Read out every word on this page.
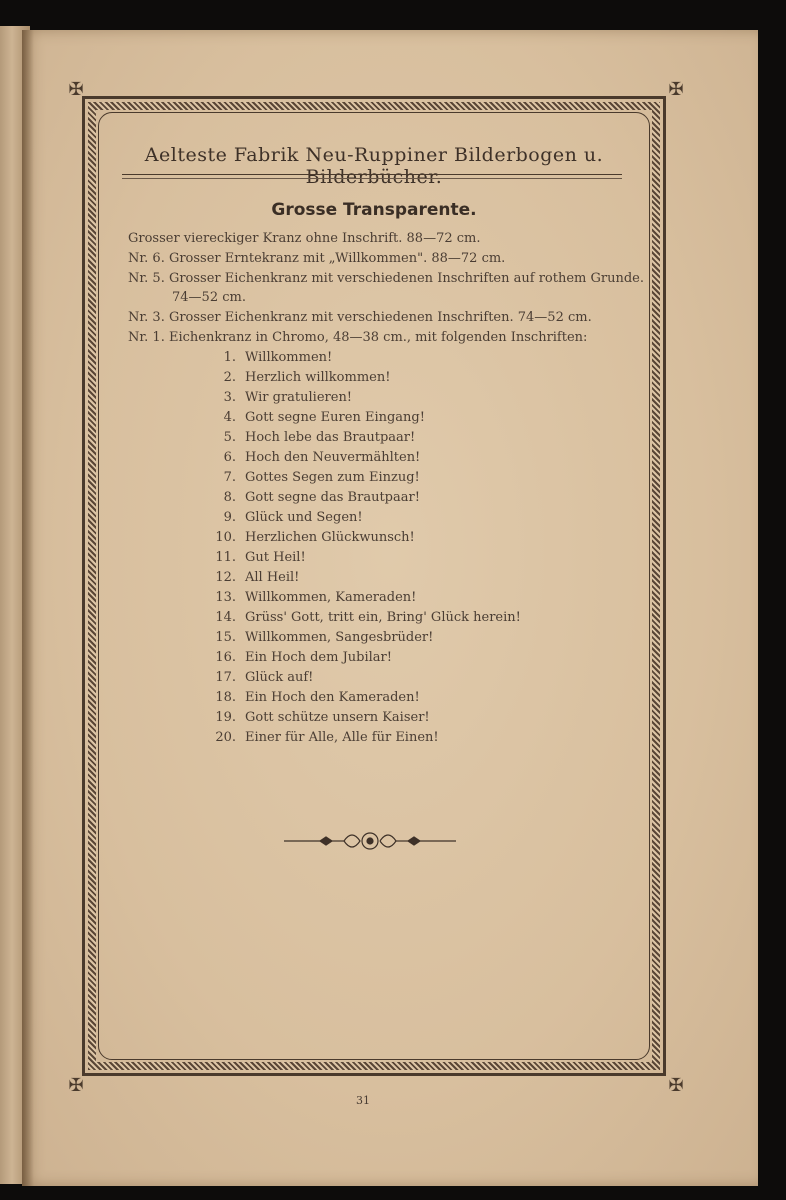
✠	✠
✠	✠
Aelteste Fabrik Neu-Ruppiner Bilderbogen u. Bilderbücher.
Grosse Transparente.
Grosser viereckiger Kranz ohne Inschrift. 88—72 cm.
Nr. 6. Grosser Erntekranz mit „Willkommen". 88—72 cm.
Nr. 5. Grosser Eichenkranz mit verschiedenen Inschriften auf rothem Grunde.
74—52 cm.
Nr. 3. Grosser Eichenkranz mit verschiedenen Inschriften. 74—52 cm.
Nr. 1. Eichenkranz in Chromo, 48—38 cm., mit folgenden Inschriften:
1. Willkommen!
2. Herzlich willkommen!
3. Wir gratulieren!
4. Gott segne Euren Eingang!
5. Hoch lebe das Brautpaar!
6. Hoch den Neuvermählten!
7. Gottes Segen zum Einzug!
8. Gott segne das Brautpaar!
9. Glück und Segen!
10. Herzlichen Glückwunsch!
11. Gut Heil!
12. All Heil!
13. Willkommen, Kameraden!
14. Grüss' Gott, tritt ein, Bring' Glück herein!
15. Willkommen, Sangesbrüder!
16. Ein Hoch dem Jubilar!
17. Glück auf!
18. Ein Hoch den Kameraden!
19. Gott schütze unsern Kaiser!
20. Einer für Alle, Alle für Einen!
31
